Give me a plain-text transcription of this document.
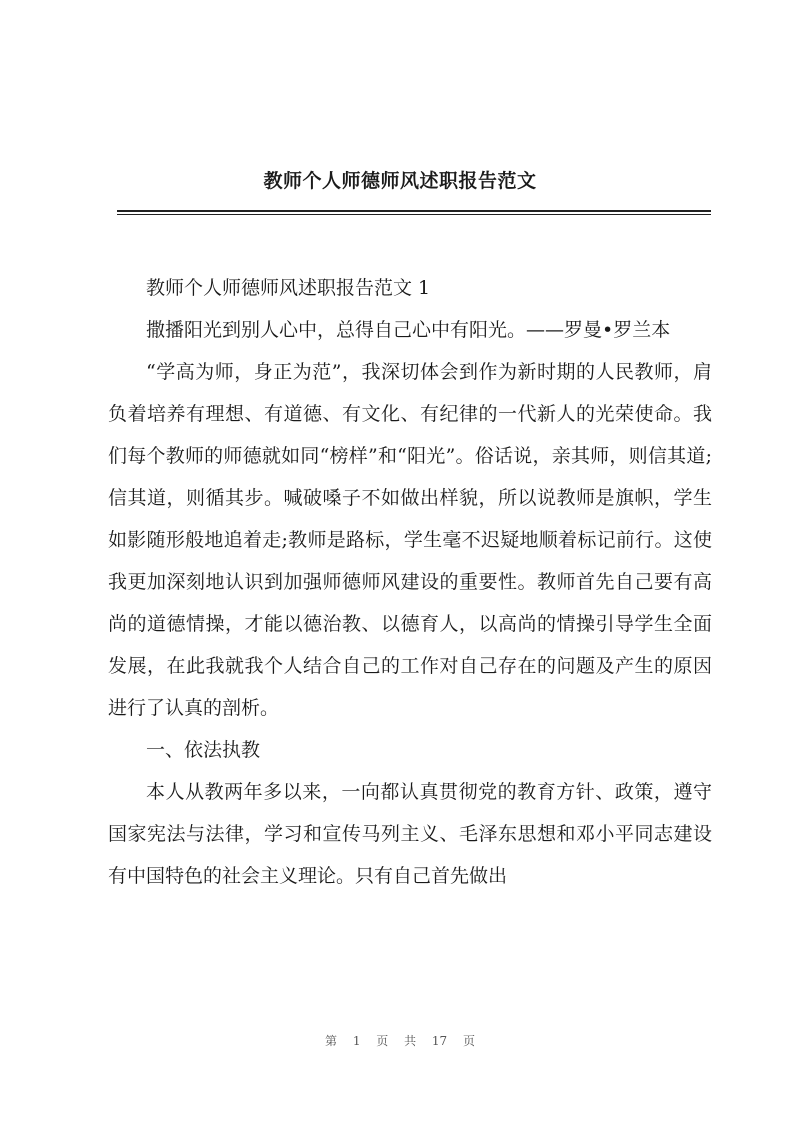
教师个人师德师风述职报告范文

教师个人师德师风述职报告范文 1

撒播阳光到别人心中，总得自己心中有阳光。——罗曼•罗兰本

“学高为师，身正为范”，我深切体会到作为新时期的人民教师，肩负着培养有理想、有道德、有文化、有纪律的一代新人的光荣使命。我们每个教师的师德就如同“榜样”和“阳光”。俗话说，亲其师，则信其道;信其道，则循其步。喊破嗓子不如做出样貌，所以说教师是旗帜，学生如影随形般地追着走;教师是路标，学生毫不迟疑地顺着标记前行。这使我更加深刻地认识到加强师德师风建设的重要性。教师首先自己要有高尚的道德情操，才能以德治教、以德育人，以高尚的情操引导学生全面发展，在此我就我个人结合自己的工作对自己存在的问题及产生的原因进行了认真的剖析。

一、依法执教

本人从教两年多以来，一向都认真贯彻党的教育方针、政策，遵守国家宪法与法律，学习和宣传马列主义、毛泽东思想和邓小平同志建设有中国特色的社会主义理论。只有自己首先做出

第 1 页 共 17 页
